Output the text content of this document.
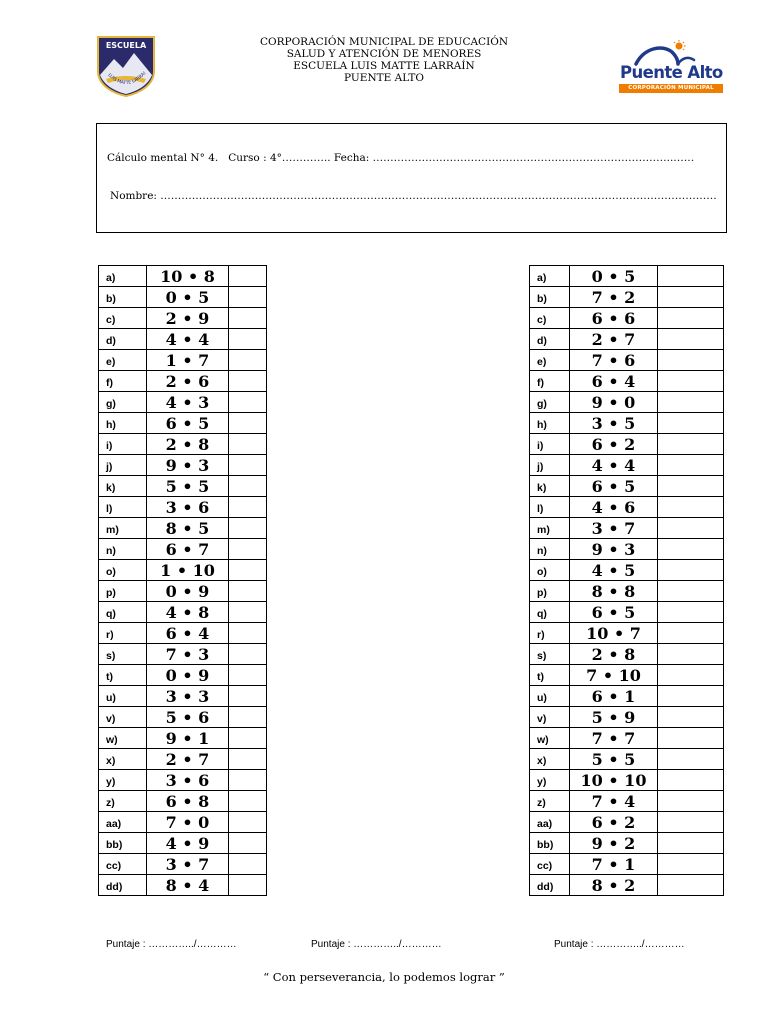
ESCUELA
LUIS MATTE LARRAI
CORPORACIÓN MUNICIPAL DE EDUCACIÓN
SALUD Y ATENCIÓN DE MENORES
ESCUELA LUIS MATTE LARRAÍN
PUENTE ALTO	Puente Alto
CORPORACIÓN MUNICIPAL
Cálculo mental N° 4. Curso : 4°………….. Fecha: …………………………………………………………………………..……
Nombre: ……………………………………………………………………………………………………………………………………………
a)	10 • 8	
b)	0 • 5	
c)	2 • 9	
d)	4 • 4	
e)	1 • 7	
f)	2 • 6	
g)	4 • 3	
h)	6 • 5	
i)	2 • 8	
j)	9 • 3	
k)	5 • 5	
l)	3 • 6	
m)	8 • 5	
n)	6 • 7	
o)	1 • 10	
p)	0 • 9	
q)	4 • 8	
r)	6 • 4	
s)	7 • 3	
t)	0 • 9	
u)	3 • 3	
v)	5 • 6	
w)	9 • 1	
x)	2 • 7	
y)	3 • 6	
z)	6 • 8	
aa)	7 • 0	
bb)	4 • 9	
cc)	3 • 7	
dd)	8 • 4	
a)	0 • 5	
b)	7 • 2	
c)	6 • 6	
d)	2 • 7	
e)	7 • 6	
f)	6 • 4	
g)	9 • 0	
h)	3 • 5	
i)	6 • 2	
j)	4 • 4	
k)	6 • 5	
l)	4 • 6	
m)	3 • 7	
n)	9 • 3	
o)	4 • 5	
p)	8 • 8	
q)	6 • 5	
r)	10 • 7	
s)	2 • 8	
t)	7 • 10	
u)	6 • 1	
v)	5 • 9	
w)	7 • 7	
x)	5 • 5	
y)	10 • 10	
z)	7 • 4	
aa)	6 • 2	
bb)	9 • 2	
cc)	7 • 1	
dd)	8 • 2	
Puntaje : …………../…………	Puntaje : …………../…………	Puntaje : …………../…………
“ Con perseverancia, lo podemos lograr ”
